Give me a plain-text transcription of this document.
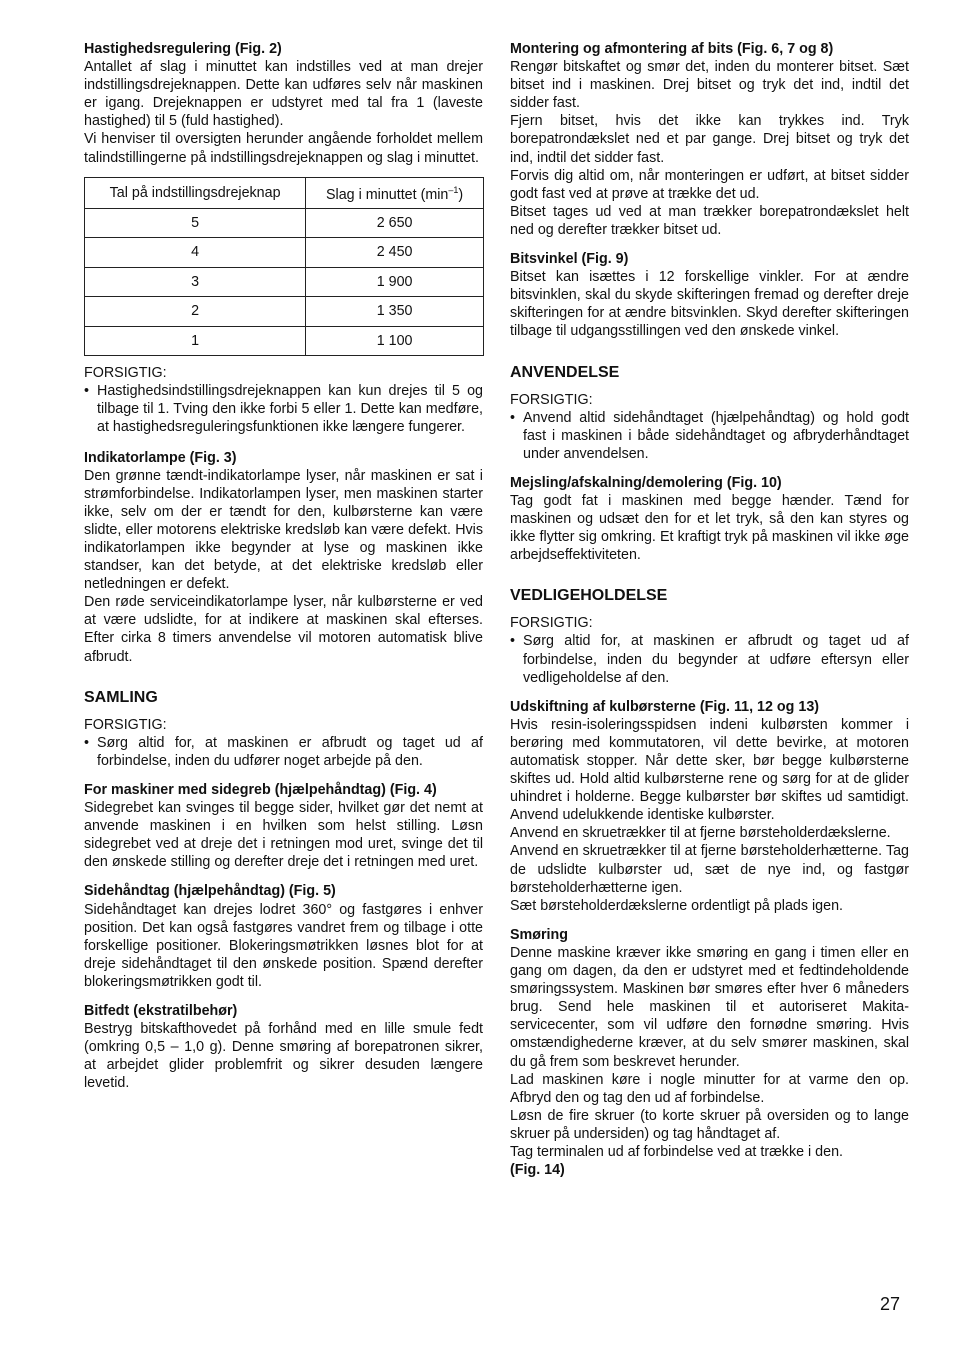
Hastighedsregulering (Fig. 2)

Antallet af slag i minuttet kan indstilles ved at man drejer indstillingsdrejeknappen. Dette kan udføres selv når maskinen er igang. Drejeknappen er udstyret med tal fra 1 (laveste hastighed) til 5 (fuld hastighed).

Vi henviser til oversigten herunder angående forholdet mellem talindstillingerne på indstillingsdrejeknappen og slag i minuttet.

Tal på indstillingsdrejeknap	Slag i minuttet $(\min^{-1})$
5	2 650
4	2 450
3	1 900
2	1 350
1	1 100

FORSIGTIG:

• Hastighedsindstillingsdrejeknappen kan kun drejes til 5 og tilbage til 1. Tving den ikke forbi 5 eller 1. Dette kan medføre, at hastighedsreguleringsfunktionen ikke længere fungerer.

Indikatorlampe (Fig. 3)

Den grønne tændt-indikatorlampe lyser, når maskinen er sat i strømforbindelse. Indikatorlampen lyser, men maskinen starter ikke, selv om der er tændt for den, kulbørsterne kan være slidte, eller motorens elektriske kredsløb kan være defekt. Hvis indikatorlampen ikke begynder at lyse og maskinen ikke standser, kan det betyde, at det elektriske kredsløb eller netledningen er defekt.

Den røde serviceindikatorlampe lyser, når kulbørsterne er ved at være udslidte, for at indikere at maskinen skal efterses. Efter cirka 8 timers anvendelse vil motoren automatisk blive afbrudt.

SAMLING

FORSIGTIG:

• Sørg altid for, at maskinen er afbrudt og taget ud af forbindelse, inden du udfører noget arbejde på den.

For maskiner med sidegreb (hjælpehåndtag) (Fig. 4)

Sidegrebet kan svinges til begge sider, hvilket gør det nemt at anvende maskinen i en hvilken som helst stilling. Løsn sidegrebet ved at dreje det i retningen mod uret, svinge det til den ønskede stilling og derefter dreje det i retningen med uret.

Sidehåndtag (hjælpehåndtag) (Fig. 5)

Sidehåndtaget kan drejes lodret 360° og fastgøres i enhver position. Det kan også fastgøres vandret frem og tilbage i otte forskellige positioner. Blokeringsmøtrikken løsnes blot for at dreje sidehåndtaget til den ønskede position. Spænd derefter blokeringsmøtrikken godt til.

Bitfedt (ekstratilbehør)

Bestryg bitskafthovedet på forhånd med en lille smule fedt (omkring 0,5 – 1,0 g). Denne smøring af borepatronen sikrer, at arbejdet glider problemfrit og sikrer desuden længere levetid.

Montering og afmontering af bits (Fig. 6, 7 og 8)

Rengør bitskaftet og smør det, inden du monterer bitset. Sæt bitset ind i maskinen. Drej bitset og tryk det ind, indtil det sidder fast.

Fjern bitset, hvis det ikke kan trykkes ind. Tryk borepatrondækslet ned et par gange. Drej bitset og tryk det ind, indtil det sidder fast.

Forvis dig altid om, når monteringen er udført, at bitset sidder godt fast ved at prøve at trække det ud.

Bitset tages ud ved at man trækker borepatrondækslet helt ned og derefter trækker bitset ud.

Bitsvinkel (Fig. 9)

Bitset kan isættes i 12 forskellige vinkler. For at ændre bitsvinklen, skal du skyde skifteringen fremad og derefter dreje skifteringen for at ændre bitsvinklen. Skyd derefter skifteringen tilbage til udgangsstillingen ved den ønskede vinkel.

ANVENDELSE

FORSIGTIG:

• Anvend altid sidehåndtaget (hjælpehåndtag) og hold godt fast i maskinen i både sidehåndtaget og afbryderhåndtaget under anvendelsen.

Mejsling/afskalning/demolering (Fig. 10)

Tag godt fat i maskinen med begge hænder. Tænd for maskinen og udsæt den for et let tryk, så den kan styres og ikke flytter sig omkring. Et kraftigt tryk på maskinen vil ikke øge arbejdseffektiviteten.

VEDLIGEHOLDELSE

FORSIGTIG:

• Sørg altid for, at maskinen er afbrudt og taget ud af forbindelse, inden du begynder at udføre eftersyn eller vedligeholdelse af den.

Udskiftning af kulbørsterne (Fig. 11, 12 og 13)

Hvis resin-isoleringsspidsen indeni kulbørsten kommer i berøring med kommutatoren, vil dette bevirke, at motoren automatisk stopper. Når dette sker, bør begge kulbørsterne skiftes ud. Hold altid kulbørsterne rene og sørg for at de glider uhindret i holderne. Begge kulbørster bør skiftes ud samtidigt. Anvend udelukkende identiske kulbørster.

Anvend en skruetrækker til at fjerne børsteholderdækslerne.

Anvend en skruetrækker til at fjerne børsteholderhætterne. Tag de udslidte kulbørster ud, sæt de nye ind, og fastgør børsteholderhætterne igen.

Sæt børsteholderdækslerne ordentligt på plads igen.

Smøring

Denne maskine kræver ikke smøring en gang i timen eller en gang om dagen, da den er udstyret med et fedtindeholdende smøringssystem. Maskinen bør smøres efter hver 6 måneders brug. Send hele maskinen til et autoriseret Makita-servicecenter, som vil udføre den fornødne smøring. Hvis omstændighederne kræver, at du selv smører maskinen, skal du gå frem som beskrevet herunder.

Lad maskinen køre i nogle minutter for at varme den op. Afbryd den og tag den ud af forbindelse.

Løsn de fire skruer (to korte skruer på oversiden og to lange skruer på undersiden) og tag håndtaget af.

Tag terminalen ud af forbindelse ved at trække i den.

(Fig. 14)

27
